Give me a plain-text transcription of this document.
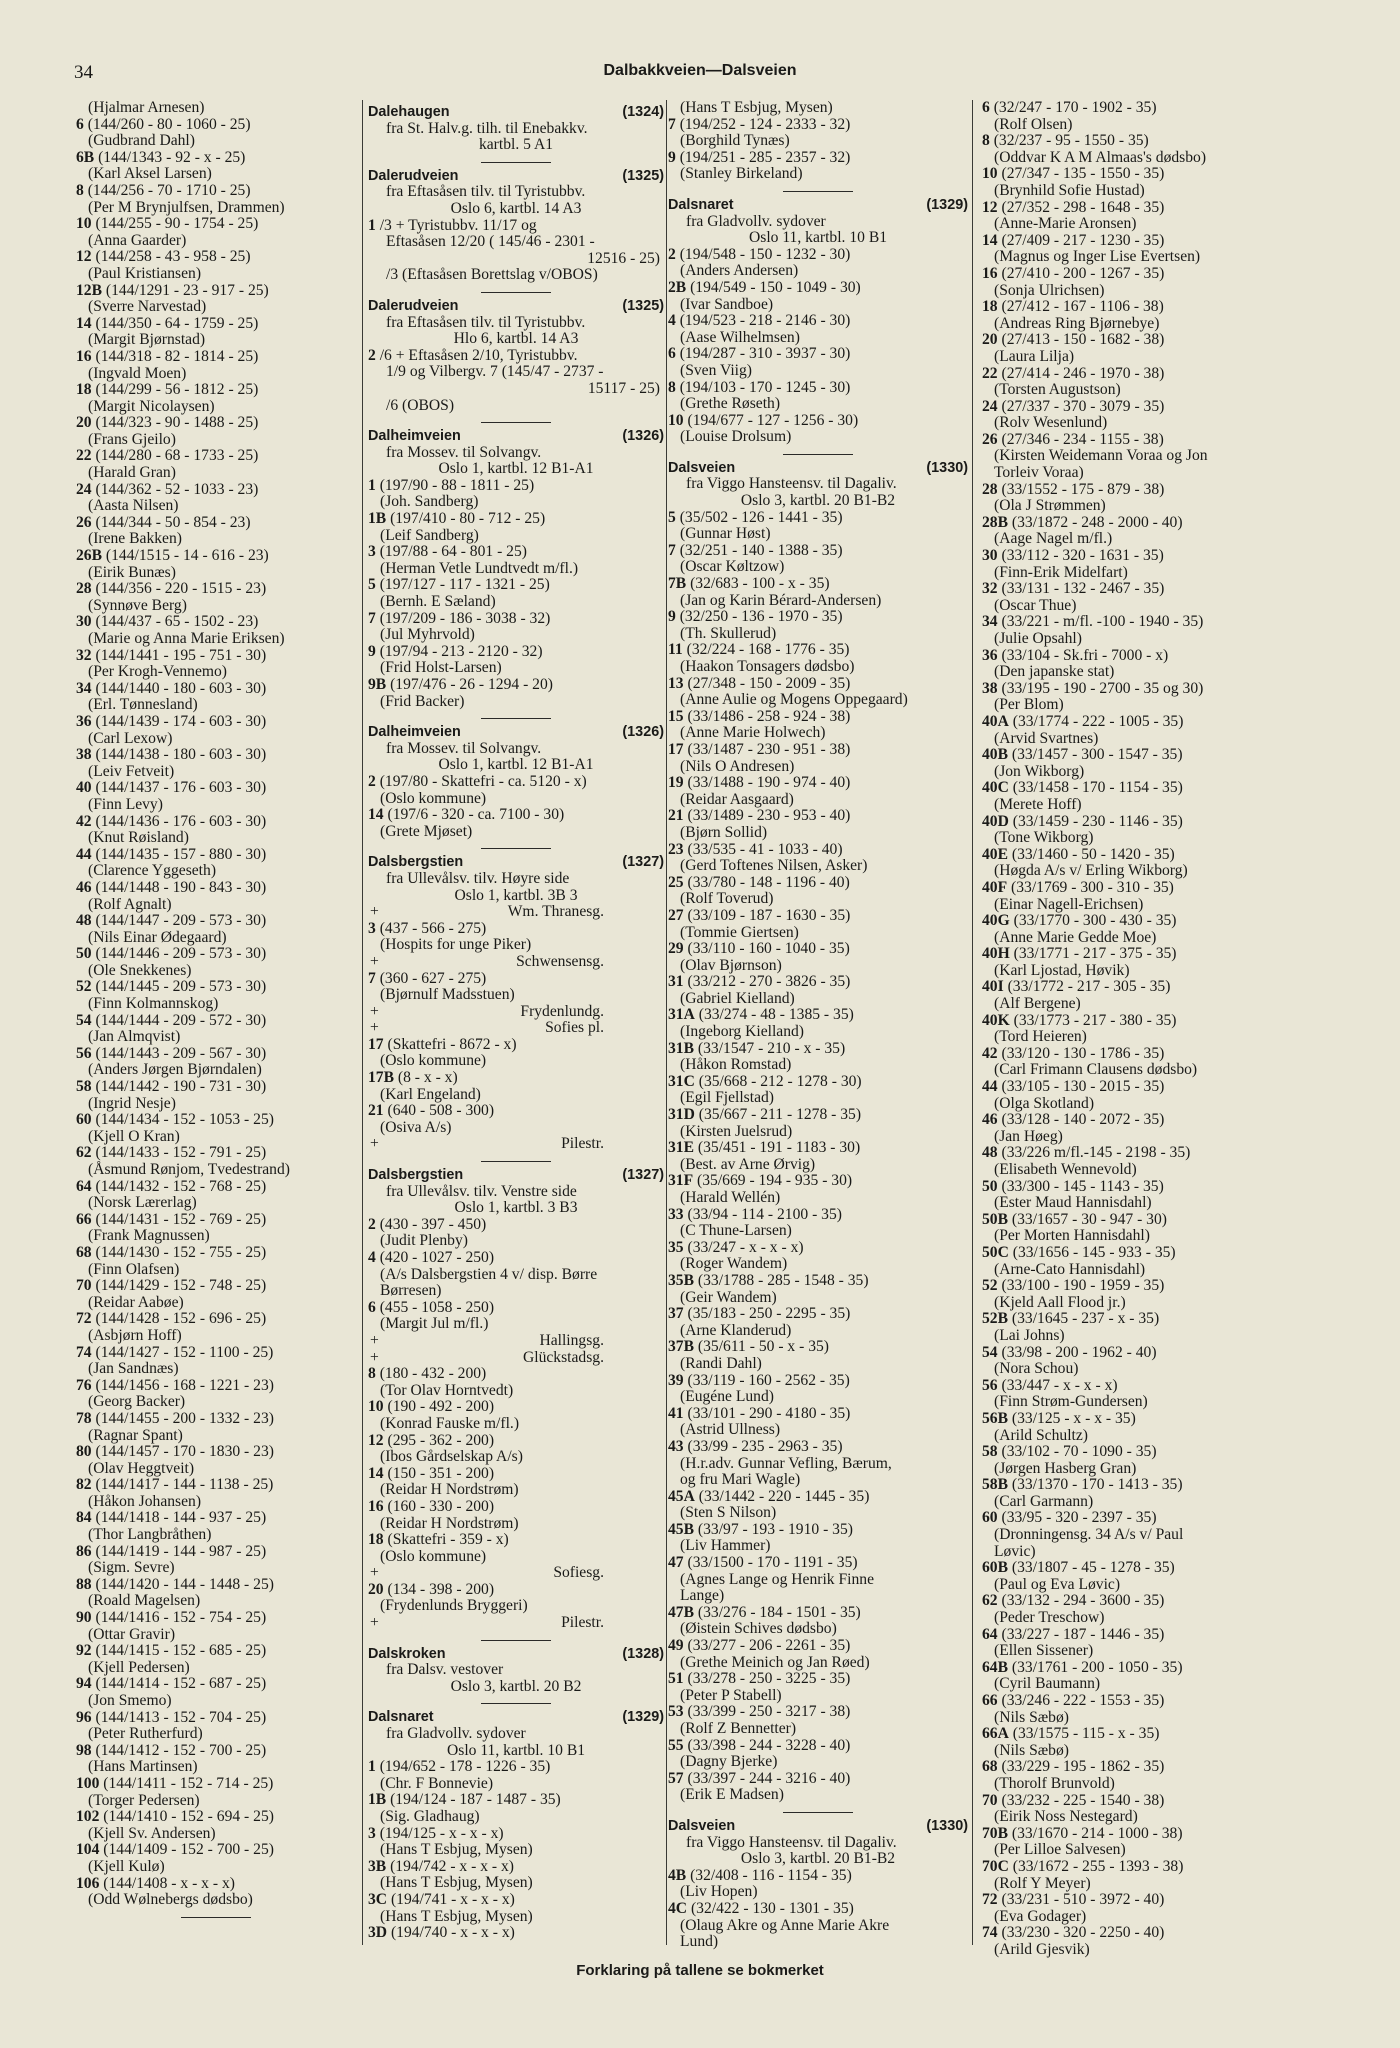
34	Dalbakkveien—Dalsveien
(Hjalmar Arnesen)
6 (144/260 - 80 - 1060 - 25)
(Gudbrand Dahl)
6B (144/1343 - 92 - x - 25)
(Karl Aksel Larsen)
8 (144/256 - 70 - 1710 - 25)
(Per M Brynjulfsen, Drammen)
10 (144/255 - 90 - 1754 - 25)
(Anna Gaarder)
12 (144/258 - 43 - 958 - 25)
(Paul Kristiansen)
12B (144/1291 - 23 - 917 - 25)
(Sverre Narvestad)
14 (144/350 - 64 - 1759 - 25)
(Margit Bjørnstad)
16 (144/318 - 82 - 1814 - 25)
(Ingvald Moen)
18 (144/299 - 56 - 1812 - 25)
(Margit Nicolaysen)
20 (144/323 - 90 - 1488 - 25)
(Frans Gjeilo)
22 (144/280 - 68 - 1733 - 25)
(Harald Gran)
24 (144/362 - 52 - 1033 - 23)
(Aasta Nilsen)
26 (144/344 - 50 - 854 - 23)
(Irene Bakken)
26B (144/1515 - 14 - 616 - 23)
(Eirik Bunæs)
28 (144/356 - 220 - 1515 - 23)
(Synnøve Berg)
30 (144/437 - 65 - 1502 - 23)
(Marie og Anna Marie Eriksen)
32 (144/1441 - 195 - 751 - 30)
(Per Krogh-Vennemo)
34 (144/1440 - 180 - 603 - 30)
(Erl. Tønnesland)
36 (144/1439 - 174 - 603 - 30)
(Carl Lexow)
38 (144/1438 - 180 - 603 - 30)
(Leiv Fetveit)
40 (144/1437 - 176 - 603 - 30)
(Finn Levy)
42 (144/1436 - 176 - 603 - 30)
(Knut Røisland)
44 (144/1435 - 157 - 880 - 30)
(Clarence Yggeseth)
46 (144/1448 - 190 - 843 - 30)
(Rolf Agnalt)
48 (144/1447 - 209 - 573 - 30)
(Nils Einar Ødegaard)
50 (144/1446 - 209 - 573 - 30)
(Ole Snekkenes)
52 (144/1445 - 209 - 573 - 30)
(Finn Kolmannskog)
54 (144/1444 - 209 - 572 - 30)
(Jan Almqvist)
56 (144/1443 - 209 - 567 - 30)
(Anders Jørgen Bjørndalen)
58 (144/1442 - 190 - 731 - 30)
(Ingrid Nesje)
60 (144/1434 - 152 - 1053 - 25)
(Kjell O Kran)
62 (144/1433 - 152 - 791 - 25)
(Åsmund Rønjom, Tvedestrand)
64 (144/1432 - 152 - 768 - 25)
(Norsk Lærerlag)
66 (144/1431 - 152 - 769 - 25)
(Frank Magnussen)
68 (144/1430 - 152 - 755 - 25)
(Finn Olafsen)
70 (144/1429 - 152 - 748 - 25)
(Reidar Aabøe)
72 (144/1428 - 152 - 696 - 25)
(Asbjørn Hoff)
74 (144/1427 - 152 - 1100 - 25)
(Jan Sandnæs)
76 (144/1456 - 168 - 1221 - 23)
(Georg Backer)
78 (144/1455 - 200 - 1332 - 23)
(Ragnar Spant)
80 (144/1457 - 170 - 1830 - 23)
(Olav Heggtveit)
82 (144/1417 - 144 - 1138 - 25)
(Håkon Johansen)
84 (144/1418 - 144 - 937 - 25)
(Thor Langbråthen)
86 (144/1419 - 144 - 987 - 25)
(Sigm. Sevre)
88 (144/1420 - 144 - 1448 - 25)
(Roald Magelsen)
90 (144/1416 - 152 - 754 - 25)
(Ottar Gravir)
92 (144/1415 - 152 - 685 - 25)
(Kjell Pedersen)
94 (144/1414 - 152 - 687 - 25)
(Jon Smemo)
96 (144/1413 - 152 - 704 - 25)
(Peter Rutherfurd)
98 (144/1412 - 152 - 700 - 25)
(Hans Martinsen)
100 (144/1411 - 152 - 714 - 25)
(Torger Pedersen)
102 (144/1410 - 152 - 694 - 25)
(Kjell Sv. Andersen)
104 (144/1409 - 152 - 700 - 25)
(Kjell Kulø)
106 (144/1408 - x - x - x)
(Odd Wølnebergs dødsbo)
Dalehaugen	(1324)
fra St. Halv.g. tilh. til Enebakkv.
kartbl. 5 A1
Dalerudveien	(1325)
fra Eftasåsen tilv. til Tyristubbv.
Oslo 6, kartbl. 14 A3
1 /3 + Tyristubbv. 11/17 og
Eftasåsen 12/20 ( 145/46 - 2301 -
12516 - 25)
/3 (Eftasåsen Borettslag v/OBOS)
Dalerudveien	(1325)
fra Eftasåsen tilv. til Tyristubbv.
Hlo 6, kartbl. 14 A3
2 /6 + Eftasåsen 2/10, Tyristubbv.
1/9 og Vilbergv. 7 (145/47 - 2737 -
15117 - 25)
/6 (OBOS)
Dalheimveien	(1326)
fra Mossev. til Solvangv.
Oslo 1, kartbl. 12 B1-A1
1 (197/90 - 88 - 1811 - 25)
(Joh. Sandberg)
1B (197/410 - 80 - 712 - 25)
(Leif Sandberg)
3 (197/88 - 64 - 801 - 25)
(Herman Vetle Lundtvedt m/fl.)
5 (197/127 - 117 - 1321 - 25)
(Bernh. E Sæland)
7 (197/209 - 186 - 3038 - 32)
(Jul Myhrvold)
9 (197/94 - 213 - 2120 - 32)
(Frid Holst-Larsen)
9B (197/476 - 26 - 1294 - 20)
(Frid Backer)
Dalheimveien	(1326)
fra Mossev. til Solvangv.
Oslo 1, kartbl. 12 B1-A1
2 (197/80 - Skattefri - ca. 5120 - x)
(Oslo kommune)
14 (197/6 - 320 - ca. 7100 - 30)
(Grete Mjøset)
Dalsbergstien	(1327)
fra Ullevålsv. tilv. Høyre side
Oslo 1, kartbl. 3B 3
+	Wm. Thranesg.
3 (437 - 566 - 275)
(Hospits for unge Piker)
+	Schwensensg.
7 (360 - 627 - 275)
(Bjørnulf Madsstuen)
+	Frydenlundg.
+	Sofies pl.
17 (Skattefri - 8672 - x)
(Oslo kommune)
17B (8 - x - x)
(Karl Engeland)
21 (640 - 508 - 300)
(Osiva A/s)
+	Pilestr.
Dalsbergstien	(1327)
fra Ullevålsv. tilv. Venstre side
Oslo 1, kartbl. 3 B3
2 (430 - 397 - 450)
(Judit Plenby)
4 (420 - 1027 - 250)
(A/s Dalsbergstien 4 v/ disp. Børre
Børresen)
6 (455 - 1058 - 250)
(Margit Jul m/fl.)
+	Hallingsg.
+	Glückstadsg.
8 (180 - 432 - 200)
(Tor Olav Horntvedt)
10 (190 - 492 - 200)
(Konrad Fauske m/fl.)
12 (295 - 362 - 200)
(Ibos Gårdselskap A/s)
14 (150 - 351 - 200)
(Reidar H Nordstrøm)
16 (160 - 330 - 200)
(Reidar H Nordstrøm)
18 (Skattefri - 359 - x)
(Oslo kommune)
+	Sofiesg.
20 (134 - 398 - 200)
(Frydenlunds Bryggeri)
+	Pilestr.
Dalskroken	(1328)
fra Dalsv. vestover
Oslo 3, kartbl. 20 B2
Dalsnaret	(1329)
fra Gladvollv. sydover
Oslo 11, kartbl. 10 B1
1 (194/652 - 178 - 1226 - 35)
(Chr. F Bonnevie)
1B (194/124 - 187 - 1487 - 35)
(Sig. Gladhaug)
3 (194/125 - x - x - x)
(Hans T Esbjug, Mysen)
3B (194/742 - x - x - x)
(Hans T Esbjug, Mysen)
3C (194/741 - x - x - x)
(Hans T Esbjug, Mysen)
3D (194/740 - x - x - x)
(Hans T Esbjug, Mysen)
7 (194/252 - 124 - 2333 - 32)
(Borghild Tynæs)
9 (194/251 - 285 - 2357 - 32)
(Stanley Birkeland)
Dalsnaret	(1329)
fra Gladvollv. sydover
Oslo 11, kartbl. 10 B1
2 (194/548 - 150 - 1232 - 30)
(Anders Andersen)
2B (194/549 - 150 - 1049 - 30)
(Ivar Sandboe)
4 (194/523 - 218 - 2146 - 30)
(Aase Wilhelmsen)
6 (194/287 - 310 - 3937 - 30)
(Sven Viig)
8 (194/103 - 170 - 1245 - 30)
(Grethe Røseth)
10 (194/677 - 127 - 1256 - 30)
(Louise Drolsum)
Dalsveien	(1330)
fra Viggo Hansteensv. til Dagaliv.
Oslo 3, kartbl. 20 B1-B2
5 (35/502 - 126 - 1441 - 35)
(Gunnar Høst)
7 (32/251 - 140 - 1388 - 35)
(Oscar Køltzow)
7B (32/683 - 100 - x - 35)
(Jan og Karin Bérard-Andersen)
9 (32/250 - 136 - 1970 - 35)
(Th. Skullerud)
11 (32/224 - 168 - 1776 - 35)
(Haakon Tonsagers dødsbo)
13 (27/348 - 150 - 2009 - 35)
(Anne Aulie og Mogens Oppegaard)
15 (33/1486 - 258 - 924 - 38)
(Anne Marie Holwech)
17 (33/1487 - 230 - 951 - 38)
(Nils O Andresen)
19 (33/1488 - 190 - 974 - 40)
(Reidar Aasgaard)
21 (33/1489 - 230 - 953 - 40)
(Bjørn Sollid)
23 (33/535 - 41 - 1033 - 40)
(Gerd Toftenes Nilsen, Asker)
25 (33/780 - 148 - 1196 - 40)
(Rolf Toverud)
27 (33/109 - 187 - 1630 - 35)
(Tommie Giertsen)
29 (33/110 - 160 - 1040 - 35)
(Olav Bjørnson)
31 (33/212 - 270 - 3826 - 35)
(Gabriel Kielland)
31A (33/274 - 48 - 1385 - 35)
(Ingeborg Kielland)
31B (33/1547 - 210 - x - 35)
(Håkon Romstad)
31C (35/668 - 212 - 1278 - 30)
(Egil Fjellstad)
31D (35/667 - 211 - 1278 - 35)
(Kirsten Juelsrud)
31E (35/451 - 191 - 1183 - 30)
(Best. av Arne Ørvig)
31F (35/669 - 194 - 935 - 30)
(Harald Wellén)
33 (33/94 - 114 - 2100 - 35)
(C Thune-Larsen)
35 (33/247 - x - x - x)
(Roger Wandem)
35B (33/1788 - 285 - 1548 - 35)
(Geir Wandem)
37 (35/183 - 250 - 2295 - 35)
(Arne Klanderud)
37B (35/611 - 50 - x - 35)
(Randi Dahl)
39 (33/119 - 160 - 2562 - 35)
(Eugéne Lund)
41 (33/101 - 290 - 4180 - 35)
(Astrid Ullness)
43 (33/99 - 235 - 2963 - 35)
(H.r.adv. Gunnar Vefling, Bærum,
og fru Mari Wagle)
45A (33/1442 - 220 - 1445 - 35)
(Sten S Nilson)
45B (33/97 - 193 - 1910 - 35)
(Liv Hammer)
47 (33/1500 - 170 - 1191 - 35)
(Agnes Lange og Henrik Finne
Lange)
47B (33/276 - 184 - 1501 - 35)
(Øistein Schives dødsbo)
49 (33/277 - 206 - 2261 - 35)
(Grethe Meinich og Jan Røed)
51 (33/278 - 250 - 3225 - 35)
(Peter P Stabell)
53 (33/399 - 250 - 3217 - 38)
(Rolf Z Bennetter)
55 (33/398 - 244 - 3228 - 40)
(Dagny Bjerke)
57 (33/397 - 244 - 3216 - 40)
(Erik E Madsen)
Dalsveien	(1330)
fra Viggo Hansteensv. til Dagaliv.
Oslo 3, kartbl. 20 B1-B2
4B (32/408 - 116 - 1154 - 35)
(Liv Hopen)
4C (32/422 - 130 - 1301 - 35)
(Olaug Akre og Anne Marie Akre
Lund)
6 (32/247 - 170 - 1902 - 35)
(Rolf Olsen)
8 (32/237 - 95 - 1550 - 35)
(Oddvar K A M Almaas's dødsbo)
10 (27/347 - 135 - 1550 - 35)
(Brynhild Sofie Hustad)
12 (27/352 - 298 - 1648 - 35)
(Anne-Marie Aronsen)
14 (27/409 - 217 - 1230 - 35)
(Magnus og Inger Lise Evertsen)
16 (27/410 - 200 - 1267 - 35)
(Sonja Ulrichsen)
18 (27/412 - 167 - 1106 - 38)
(Andreas Ring Bjørnebye)
20 (27/413 - 150 - 1682 - 38)
(Laura Lilja)
22 (27/414 - 246 - 1970 - 38)
(Torsten Augustson)
24 (27/337 - 370 - 3079 - 35)
(Rolv Wesenlund)
26 (27/346 - 234 - 1155 - 38)
(Kirsten Weidemann Voraa og Jon
Torleiv Voraa)
28 (33/1552 - 175 - 879 - 38)
(Ola J Strømmen)
28B (33/1872 - 248 - 2000 - 40)
(Aage Nagel m/fl.)
30 (33/112 - 320 - 1631 - 35)
(Finn-Erik Midelfart)
32 (33/131 - 132 - 2467 - 35)
(Oscar Thue)
34 (33/221 - m/fl. -100 - 1940 - 35)
(Julie Opsahl)
36 (33/104 - Sk.fri - 7000 - x)
(Den japanske stat)
38 (33/195 - 190 - 2700 - 35 og 30)
(Per Blom)
40A (33/1774 - 222 - 1005 - 35)
(Arvid Svartnes)
40B (33/1457 - 300 - 1547 - 35)
(Jon Wikborg)
40C (33/1458 - 170 - 1154 - 35)
(Merete Hoff)
40D (33/1459 - 230 - 1146 - 35)
(Tone Wikborg)
40E (33/1460 - 50 - 1420 - 35)
(Høgda A/s v/ Erling Wikborg)
40F (33/1769 - 300 - 310 - 35)
(Einar Nagell-Erichsen)
40G (33/1770 - 300 - 430 - 35)
(Anne Marie Gedde Moe)
40H (33/1771 - 217 - 375 - 35)
(Karl Ljostad, Høvik)
40I (33/1772 - 217 - 305 - 35)
(Alf Bergene)
40K (33/1773 - 217 - 380 - 35)
(Tord Heieren)
42 (33/120 - 130 - 1786 - 35)
(Carl Frimann Clausens dødsbo)
44 (33/105 - 130 - 2015 - 35)
(Olga Skotland)
46 (33/128 - 140 - 2072 - 35)
(Jan Høeg)
48 (33/226 m/fl.-145 - 2198 - 35)
(Elisabeth Wennevold)
50 (33/300 - 145 - 1143 - 35)
(Ester Maud Hannisdahl)
50B (33/1657 - 30 - 947 - 30)
(Per Morten Hannisdahl)
50C (33/1656 - 145 - 933 - 35)
(Arne-Cato Hannisdahl)
52 (33/100 - 190 - 1959 - 35)
(Kjeld Aall Flood jr.)
52B (33/1645 - 237 - x - 35)
(Lai Johns)
54 (33/98 - 200 - 1962 - 40)
(Nora Schou)
56 (33/447 - x - x - x)
(Finn Strøm-Gundersen)
56B (33/125 - x - x - 35)
(Arild Schultz)
58 (33/102 - 70 - 1090 - 35)
(Jørgen Hasberg Gran)
58B (33/1370 - 170 - 1413 - 35)
(Carl Garmann)
60 (33/95 - 320 - 2397 - 35)
(Dronningensg. 34 A/s v/ Paul
Løvic)
60B (33/1807 - 45 - 1278 - 35)
(Paul og Eva Løvic)
62 (33/132 - 294 - 3600 - 35)
(Peder Treschow)
64 (33/227 - 187 - 1446 - 35)
(Ellen Sissener)
64B (33/1761 - 200 - 1050 - 35)
(Cyril Baumann)
66 (33/246 - 222 - 1553 - 35)
(Nils Sæbø)
66A (33/1575 - 115 - x - 35)
(Nils Sæbø)
68 (33/229 - 195 - 1862 - 35)
(Thorolf Brunvold)
70 (33/232 - 225 - 1540 - 38)
(Eirik Noss Nestegard)
70B (33/1670 - 214 - 1000 - 38)
(Per Lilloe Salvesen)
70C (33/1672 - 255 - 1393 - 38)
(Rolf Y Meyer)
72 (33/231 - 510 - 3972 - 40)
(Eva Godager)
74 (33/230 - 320 - 2250 - 40)
(Arild Gjesvik)
Forklaring på tallene se bokmerket
